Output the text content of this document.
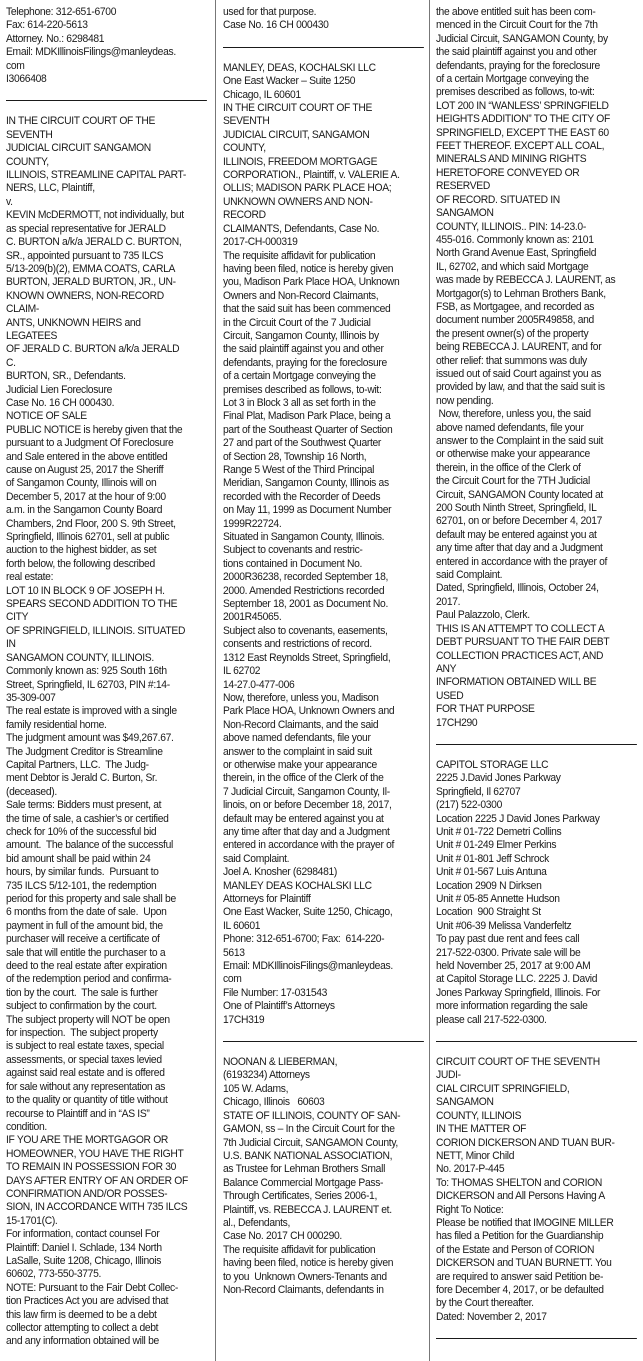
Telephone: 312-651-6700
Fax: 614-220-5613
Attorney. No.: 6298481
Email: MDKIllinoisFilings@manleydeas.
com
I3066408
IN THE CIRCUIT COURT OF THE SEVENTH
JUDICIAL CIRCUIT SANGAMON COUNTY,
ILLINOIS, STREAMLINE CAPITAL PART-
NERS, LLC, Plaintiff,
v.
KEVIN McDERMOTT, not individually, but
as special representative for JERALD
C. BURTON a/k/a JERALD C. BURTON,
SR., appointed pursuant to 735 ILCS
5/13-209(b)(2), EMMA COATS, CARLA
BURTON, JERALD BURTON, JR., UN-
KNOWN OWNERS, NON-RECORD CLAIM-
ANTS, UNKNOWN HEIRS and LEGATEES
OF JERALD C. BURTON a/k/a JERALD C.
BURTON, SR., Defendants.
Judicial Lien Foreclosure
Case No. 16 CH 000430.
NOTICE OF SALE
PUBLIC NOTICE is hereby given that the
pursuant to a Judgment Of Foreclosure
and Sale entered in the above entitled
cause on August 25, 2017 the Sheriff
of Sangamon County, Illinois will on
December 5, 2017 at the hour of 9:00
a.m. in the Sangamon County Board
Chambers, 2nd Floor, 200 S. 9th Street,
Springfield, Illinois 62701, sell at public
auction to the highest bidder, as set
forth below, the following described
real estate:
LOT 10 IN BLOCK 9 OF JOSEPH H.
SPEARS SECOND ADDITION TO THE CITY
OF SPRINGFIELD, ILLINOIS. SITUATED IN
SANGAMON COUNTY, ILLINOIS.
Commonly known as: 925 South 16th
Street, Springfield, IL 62703, PIN #:14-
35-309-007
The real estate is improved with a single
family residential home.
The judgment amount was $49,267.67.
The Judgment Creditor is Streamline
Capital Partners, LLC.  The Judg-
ment Debtor is Jerald C. Burton, Sr.
(deceased).
Sale terms: Bidders must present, at
the time of sale, a cashier’s or certified
check for 10% of the successful bid
amount.  The balance of the successful
bid amount shall be paid within 24
hours, by similar funds.  Pursuant to
735 ILCS 5/12-101, the redemption
period for this property and sale shall be
6 months from the date of sale.  Upon
payment in full of the amount bid, the
purchaser will receive a certificate of
sale that will entitle the purchaser to a
deed to the real estate after expiration
of the redemption period and confirma-
tion by the court.  The sale is further
subject to confirmation by the court.
The subject property will NOT be open
for inspection.  The subject property
is subject to real estate taxes, special
assessments, or special taxes levied
against said real estate and is offered
for sale without any representation as
to the quality or quantity of title without
recourse to Plaintiff and in “AS IS”
condition.
IF YOU ARE THE MORTGAGOR OR
HOMEOWNER, YOU HAVE THE RIGHT
TO REMAIN IN POSSESSION FOR 30
DAYS AFTER ENTRY OF AN ORDER OF
CONFIRMATION AND/OR POSSES-
SION, IN ACCORDANCE WITH 735 ILCS
15-1701(C).
For information, contact counsel For
Plaintiff: Daniel I. Schlade, 134 North
LaSalle, Suite 1208, Chicago, Illinois
60602, 773-550-3775.
NOTE: Pursuant to the Fair Debt Collec-
tion Practices Act you are advised that
this law firm is deemed to be a debt
collector attempting to collect a debt
and any information obtained will be
used for that purpose.
Case No. 16 CH 000430
MANLEY, DEAS, KOCHALSKI LLC
One East Wacker – Suite 1250
Chicago, IL 60601
IN THE CIRCUIT COURT OF THE SEVENTH
JUDICIAL CIRCUIT, SANGAMON COUNTY,
ILLINOIS, FREEDOM MORTGAGE
CORPORATION., Plaintiff, v. VALERIE A.
OLLIS; MADISON PARK PLACE HOA;
UNKNOWN OWNERS AND NON-RECORD
CLAIMANTS, Defendants, Case No.
2017-CH-000319
The requisite affidavit for publication
having been filed, notice is hereby given
you, Madison Park Place HOA, Unknown
Owners and Non-Record Claimants,
that the said suit has been commenced
in the Circuit Court of the 7 Judicial
Circuit, Sangamon County, Illinois by
the said plaintiff against you and other
defendants, praying for the foreclosure
of a certain Mortgage conveying the
premises described as follows, to-wit:
Lot 3 in Block 3 all as set forth in the
Final Plat, Madison Park Place, being a
part of the Southeast Quarter of Section
27 and part of the Southwest Quarter
of Section 28, Township 16 North,
Range 5 West of the Third Principal
Meridian, Sangamon County, Illinois as
recorded with the Recorder of Deeds
on May 11, 1999 as Document Number
1999R22724.
Situated in Sangamon County, Illinois.
Subject to covenants and restric-
tions contained in Document No.
2000R36238, recorded September 18,
2000. Amended Restrictions recorded
September 18, 2001 as Document No.
2001R45065.
Subject also to covenants, easements,
consents and restrictions of record.
1312 East Reynolds Street, Springfield,
IL 62702
14-27.0-477-006
Now, therefore, unless you, Madison
Park Place HOA, Unknown Owners and
Non-Record Claimants, and the said
above named defendants, file your
answer to the complaint in said suit
or otherwise make your appearance
therein, in the office of the Clerk of the
7 Judicial Circuit, Sangamon County, Il-
linois, on or before December 18, 2017,
default may be entered against you at
any time after that day and a Judgment
entered in accordance with the prayer of
said Complaint.
Joel A. Knosher (6298481)
MANLEY DEAS KOCHALSKI LLC
Attorneys for Plaintiff
One East Wacker, Suite 1250, Chicago,
IL 60601
Phone: 312-651-6700; Fax:  614-220-
5613
Email: MDKIllinoisFilings@manleydeas.
com
File Number: 17-031543
One of Plaintiff’s Attorneys
17CH319
NOONAN & LIEBERMAN,
(6193234) Attorneys
105 W. Adams,
Chicago, Illinois   60603
STATE OF ILLINOIS, COUNTY OF SAN-
GAMON, ss – In the Circuit Court for the
7th Judicial Circuit, SANGAMON County,
U.S. BANK NATIONAL ASSOCIATION,
as Trustee for Lehman Brothers Small
Balance Commercial Mortgage Pass-
Through Certificates, Series 2006-1,
Plaintiff, vs. REBECCA J. LAURENT et.
al., Defendants,
Case No. 2017 CH 000290.
The requisite affidavit for publication
having been filed, notice is hereby given
to you  Unknown Owners-Tenants and
Non-Record Claimants, defendants in
the above entitled suit has been com-
menced in the Circuit Court for the 7th
Judicial Circuit, SANGAMON County, by
the said plaintiff against you and other
defendants, praying for the foreclosure
of a certain Mortgage conveying the
premises described as follows, to-wit:
LOT 200 IN “WANLESS’ SPRINGFIELD
HEIGHTS ADDITION” TO THE CITY OF
SPRINGFIELD, EXCEPT THE EAST 60
FEET THEREOF. EXCEPT ALL COAL,
MINERALS AND MINING RIGHTS
HERETOFORE CONVEYED OR RESERVED
OF RECORD. SITUATED IN SANGAMON
COUNTY, ILLINOIS.. PIN: 14-23.0-
455-016. Commonly known as: 2101
North Grand Avenue East, Springfield
IL, 62702, and which said Mortgage
was made by REBECCA J. LAURENT, as
Mortgagor(s) to Lehman Brothers Bank,
FSB, as Mortgagee, and recorded as
document number 2005R49858, and
the present owner(s) of the property
being REBECCA J. LAURENT, and for
other relief: that summons was duly
issued out of said Court against you as
provided by law, and that the said suit is
now pending.
Now, therefore, unless you, the said
above named defendants, file your
answer to the Complaint in the said suit
or otherwise make your appearance
therein, in the office of the Clerk of
the Circuit Court for the 7TH Judicial
Circuit, SANGAMON County located at
200 South Ninth Street, Springfield, IL
62701, on or before December 4, 2017
default may be entered against you at
any time after that day and a Judgment
entered in accordance with the prayer of
said Complaint.
Dated, Springfield, Illinois, October 24,
2017.
Paul Palazzolo, Clerk.
THIS IS AN ATTEMPT TO COLLECT A
DEBT PURSUANT TO THE FAIR DEBT
COLLECTION PRACTICES ACT, AND ANY
INFORMATION OBTAINED WILL BE USED
FOR THAT PURPOSE
17CH290
CAPITOL STORAGE LLC
2225 J.David Jones Parkway
Springfield, Il 62707
(217) 522-0300
Location 2225 J David Jones Parkway
Unit # 01-722 Demetri Collins
Unit # 01-249 Elmer Perkins
Unit # 01-801 Jeff Schrock
Unit # 01-567 Luis Antuna
Location 2909 N Dirksen
Unit # 05-85 Annette Hudson
Location  900 Straight St
Unit #06-39 Melissa Vanderfeltz
To pay past due rent and fees call
217-522-0300. Private sale will be
held November 25, 2017 at 9:00 AM
at Capitol Storage LLC. 2225 J. David
Jones Parkway Springfield, Illinois. For
more information regarding the sale
please call 217-522-0300.
CIRCUIT COURT OF THE SEVENTH JUDI-
CIAL CIRCUIT SPRINGFIELD, SANGAMON
COUNTY, ILLINOIS
IN THE MATTER OF
CORION DICKERSON AND TUAN BUR-
NETT, Minor Child
No. 2017-P-445
To: THOMAS SHELTON and CORION
DICKERSON and All Persons Having A
Right To Notice:
Please be notified that IMOGINE MILLER
has filed a Petition for the Guardianship
of the Estate and Person of CORION
DICKERSON and TUAN BURNETT. You
are required to answer said Petition be-
fore December 4, 2017, or be defaulted
by the Court thereafter.
Dated: November 2, 2017
